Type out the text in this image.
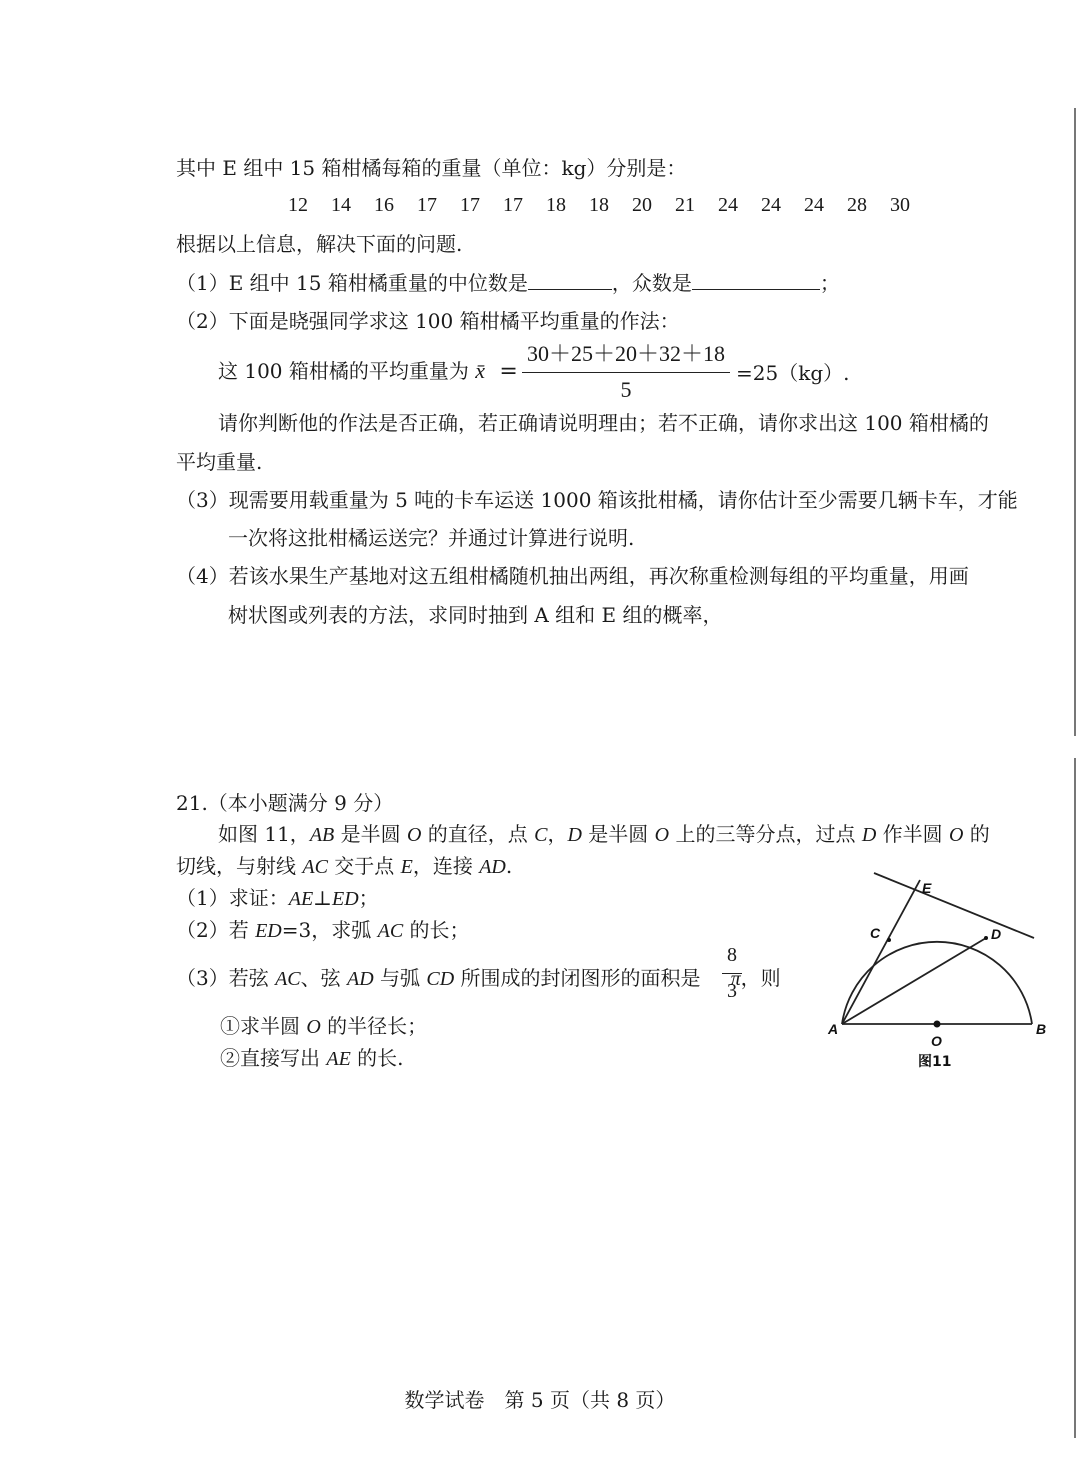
其中 E 组中 15 箱柑橘每箱的重量（单位：kg）分别是：
12 14 16 17 17 17 18 18 20 21 24 24 24 28 30
根据以上信息，解决下面的问题.
（1）E 组中 15 箱柑橘重量的中位数是	，众数是	；
（2）下面是晓强同学求这 100 箱柑橘平均重量的作法：
这 100 箱柑橘的平均重量为 x̄ =
30＋25＋20＋32＋18
5
=25（kg）.
请你判断他的作法是否正确，若正确请说明理由；若不正确，请你求出这 100 箱柑橘的
平均重量.
（3）现需要用载重量为 5 吨的卡车运送 1000 箱该批柑橘，请你估计至少需要几辆卡车，才能
一次将这批柑橘运送完？并通过计算进行说明.
（4）若该水果生产基地对这五组柑橘随机抽出两组，再次称重检测每组的平均重量，用画
树状图或列表的方法，求同时抽到 A 组和 E 组的概率，
21.（本小题满分 9 分）
如图 11，AB 是半圆 O 的直径，点 C，D 是半圆 O 上的三等分点，过点 D 作半圆 O 的
切线，与射线 AC 交于点 E，连接 AD.
（1）求证：AE⊥ED；
（2）若 ED=3，求弧 AC 的长；
（3）若弦 AC、弦 AD 与弧 CD 所围成的封闭图形的面积是 π，则
8
3
①求半圆 O 的半径长；
②直接写出 AE 的长.
A	B
C	D
E
O
图11
数学试卷　第 5 页（共 8 页）
